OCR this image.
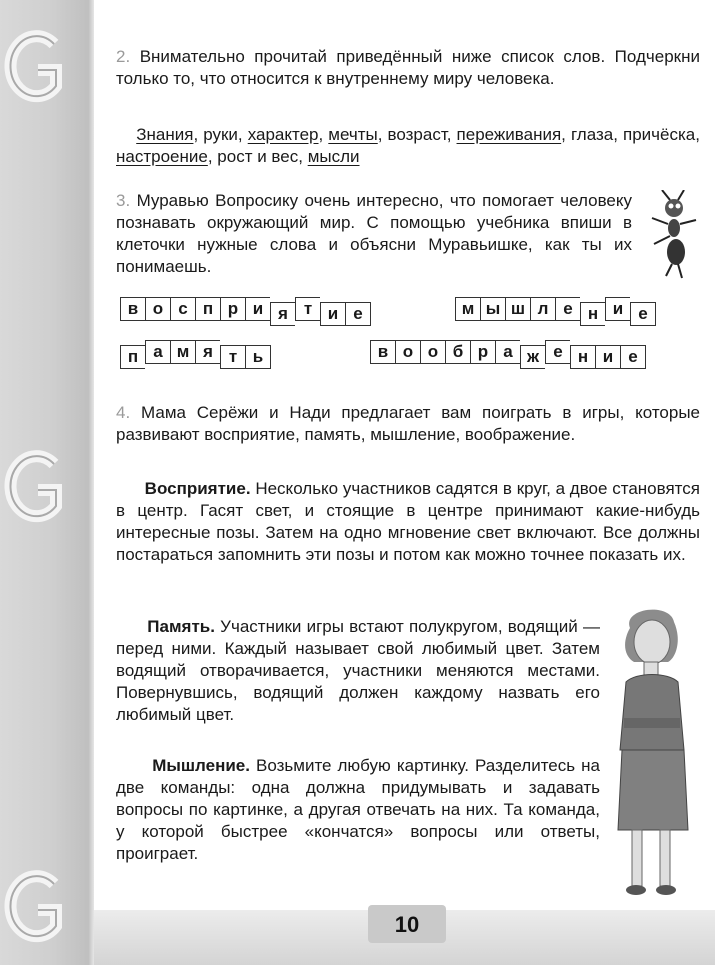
10
2. Внимательно прочитай приведённый ниже список слов. Подчеркни только то, что относится к внутреннему миру человека.
Знания, руки, характер, мечты, возраст, переживания, глаза, причёска, настроение, рост и вес, мысли
3. Муравью Вопросику очень интересно, что помогает человеку познавать окружающий мир. С помощью учебника впиши в клеточки нужные слова и объясни Муравьишке, как ты их понимаешь.
в о с п р и я т и е	м ы ш л е н и е
п а м я т ь	в о о б р а ж е н и е
4. Мама Серёжи и Нади предлагает вам поиграть в игры, которые развивают восприятие, память, мышление, воображение.
Восприятие. Несколько участников садятся в круг, а двое становятся в центр. Гасят свет, и стоящие в центре принимают какие-нибудь интересные позы. Затем на одно мгновение свет включают. Все должны постараться запомнить эти позы и потом как можно точнее показать их.
Память. Участники игры встают полукругом, водящий — перед ними. Каждый называет свой любимый цвет. Затем водящий отворачивается, участники меняются местами. Повернувшись, водящий должен каждому назвать его любимый цвет.
Мышление. Возьмите любую картинку. Разделитесь на две команды: одна должна придумывать и задавать вопросы по картинке, а другая отвечать на них. Та команда, у которой быстрее «кончатся» вопросы или ответы, проиграет.
